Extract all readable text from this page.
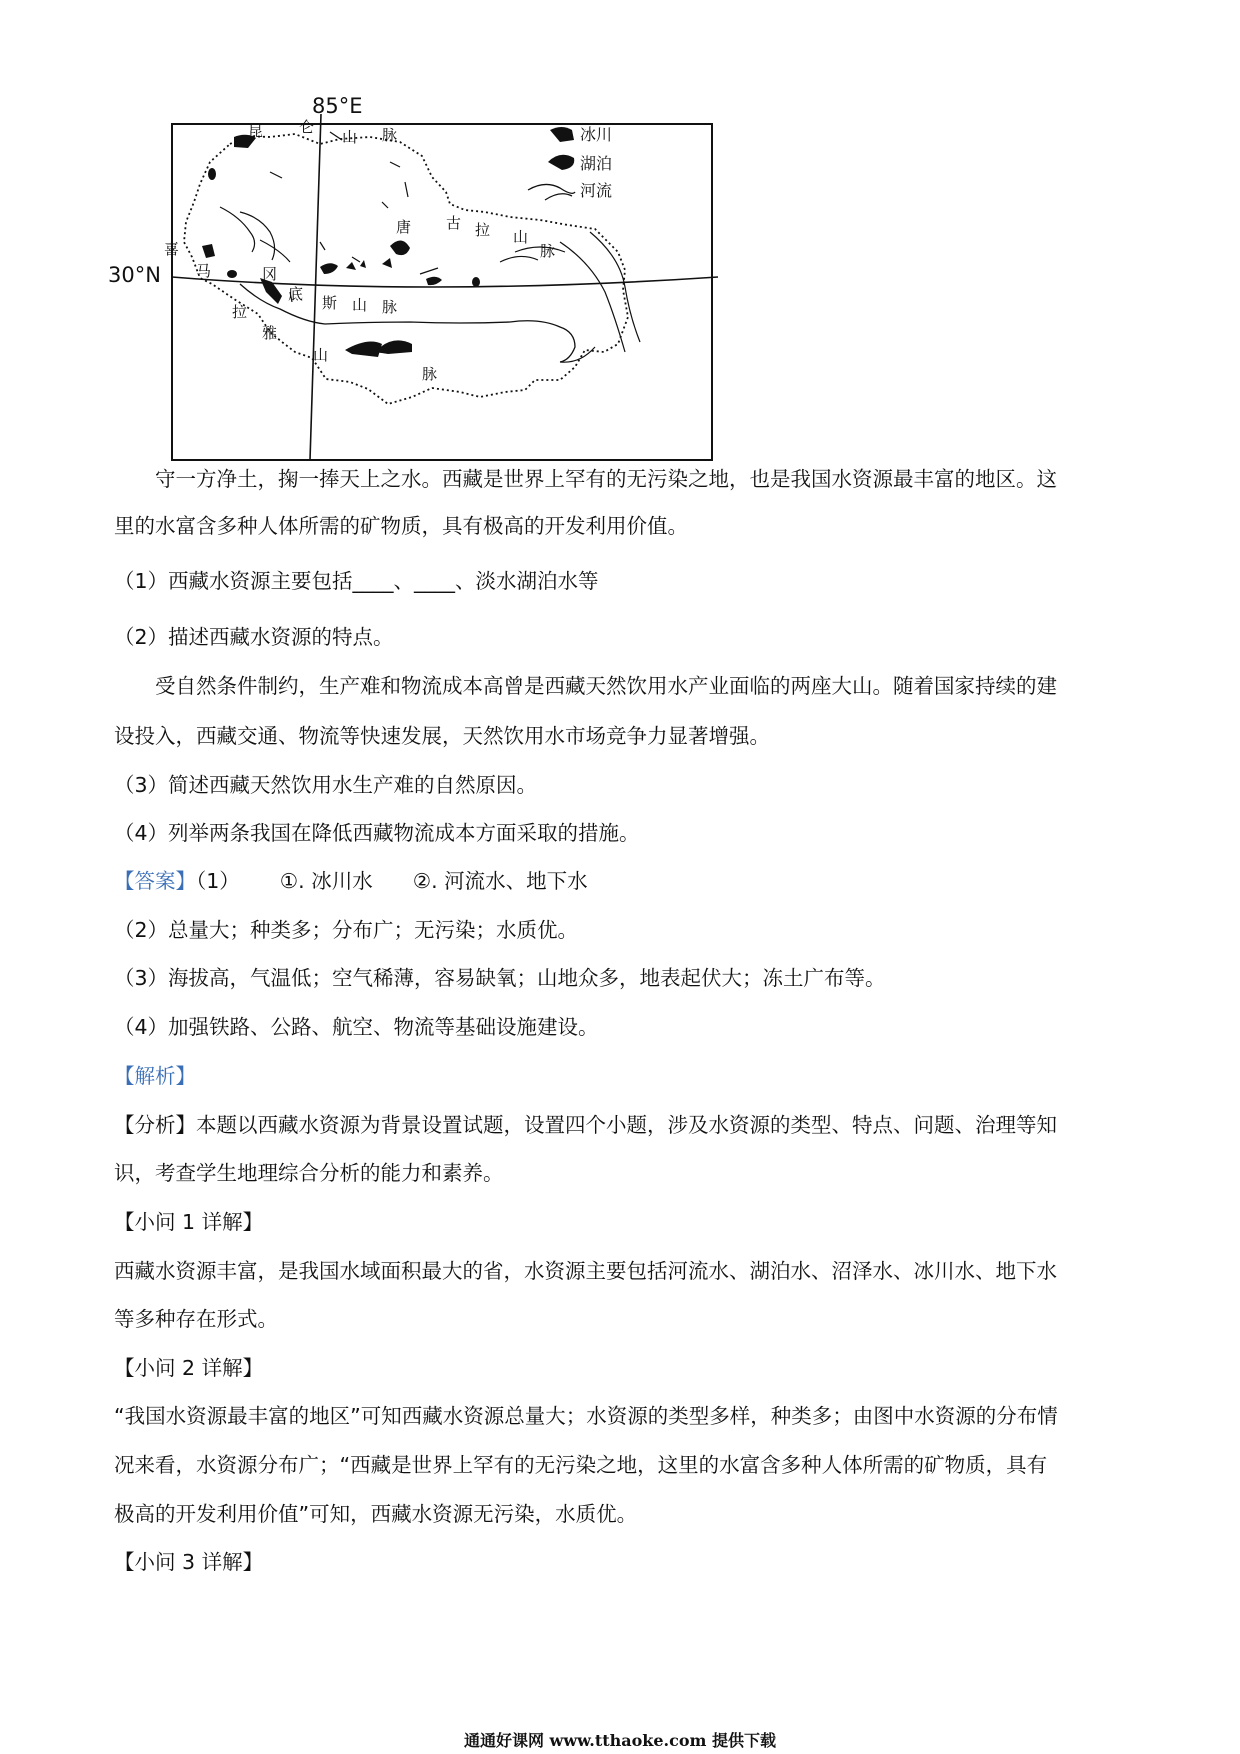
85°E
30°N
冰川
湖泊
河流
昆 仑
山 脉
唐 古 拉 山
脉
冈
底 斯 山 脉
喜
马
拉
雅
山
脉
守一方净土，掬一捧天上之水。西藏是世界上罕有的无污染之地，也是我国水资源最丰富的地区。这
里的水富含多种人体所需的矿物质，具有极高的开发利用价值。
（1）西藏水资源主要包括____、____、淡水湖泊水等
（2）描述西藏水资源的特点。
受自然条件制约，生产难和物流成本高曾是西藏天然饮用水产业面临的两座大山。随着国家持续的建
设投入，西藏交通、物流等快速发展，天然饮用水市场竞争力显著增强。
（3）简述西藏天然饮用水生产难的自然原因。
（4）列举两条我国在降低西藏物流成本方面采取的措施。
【答案】（1） ①. 冰川水 ②. 河流水、地下水
（2）总量大；种类多；分布广；无污染；水质优。
（3）海拔高，气温低；空气稀薄，容易缺氧；山地众多，地表起伏大；冻土广布等。
（4）加强铁路、公路、航空、物流等基础设施建设。
【解析】
【分析】本题以西藏水资源为背景设置试题，设置四个小题，涉及水资源的类型、特点、问题、治理等知
识，考查学生地理综合分析的能力和素养。
【小问 1 详解】
西藏水资源丰富，是我国水域面积最大的省，水资源主要包括河流水、湖泊水、沼泽水、冰川水、地下水
等多种存在形式。
【小问 2 详解】
“我国水资源最丰富的地区”可知西藏水资源总量大；水资源的类型多样，种类多；由图中水资源的分布情
况来看，水资源分布广；“西藏是世界上罕有的无污染之地，这里的水富含多种人体所需的矿物质，具有
极高的开发利用价值”可知，西藏水资源无污染，水质优。
【小问 3 详解】
通通好课网 www.tthaoke.com 提供下载
